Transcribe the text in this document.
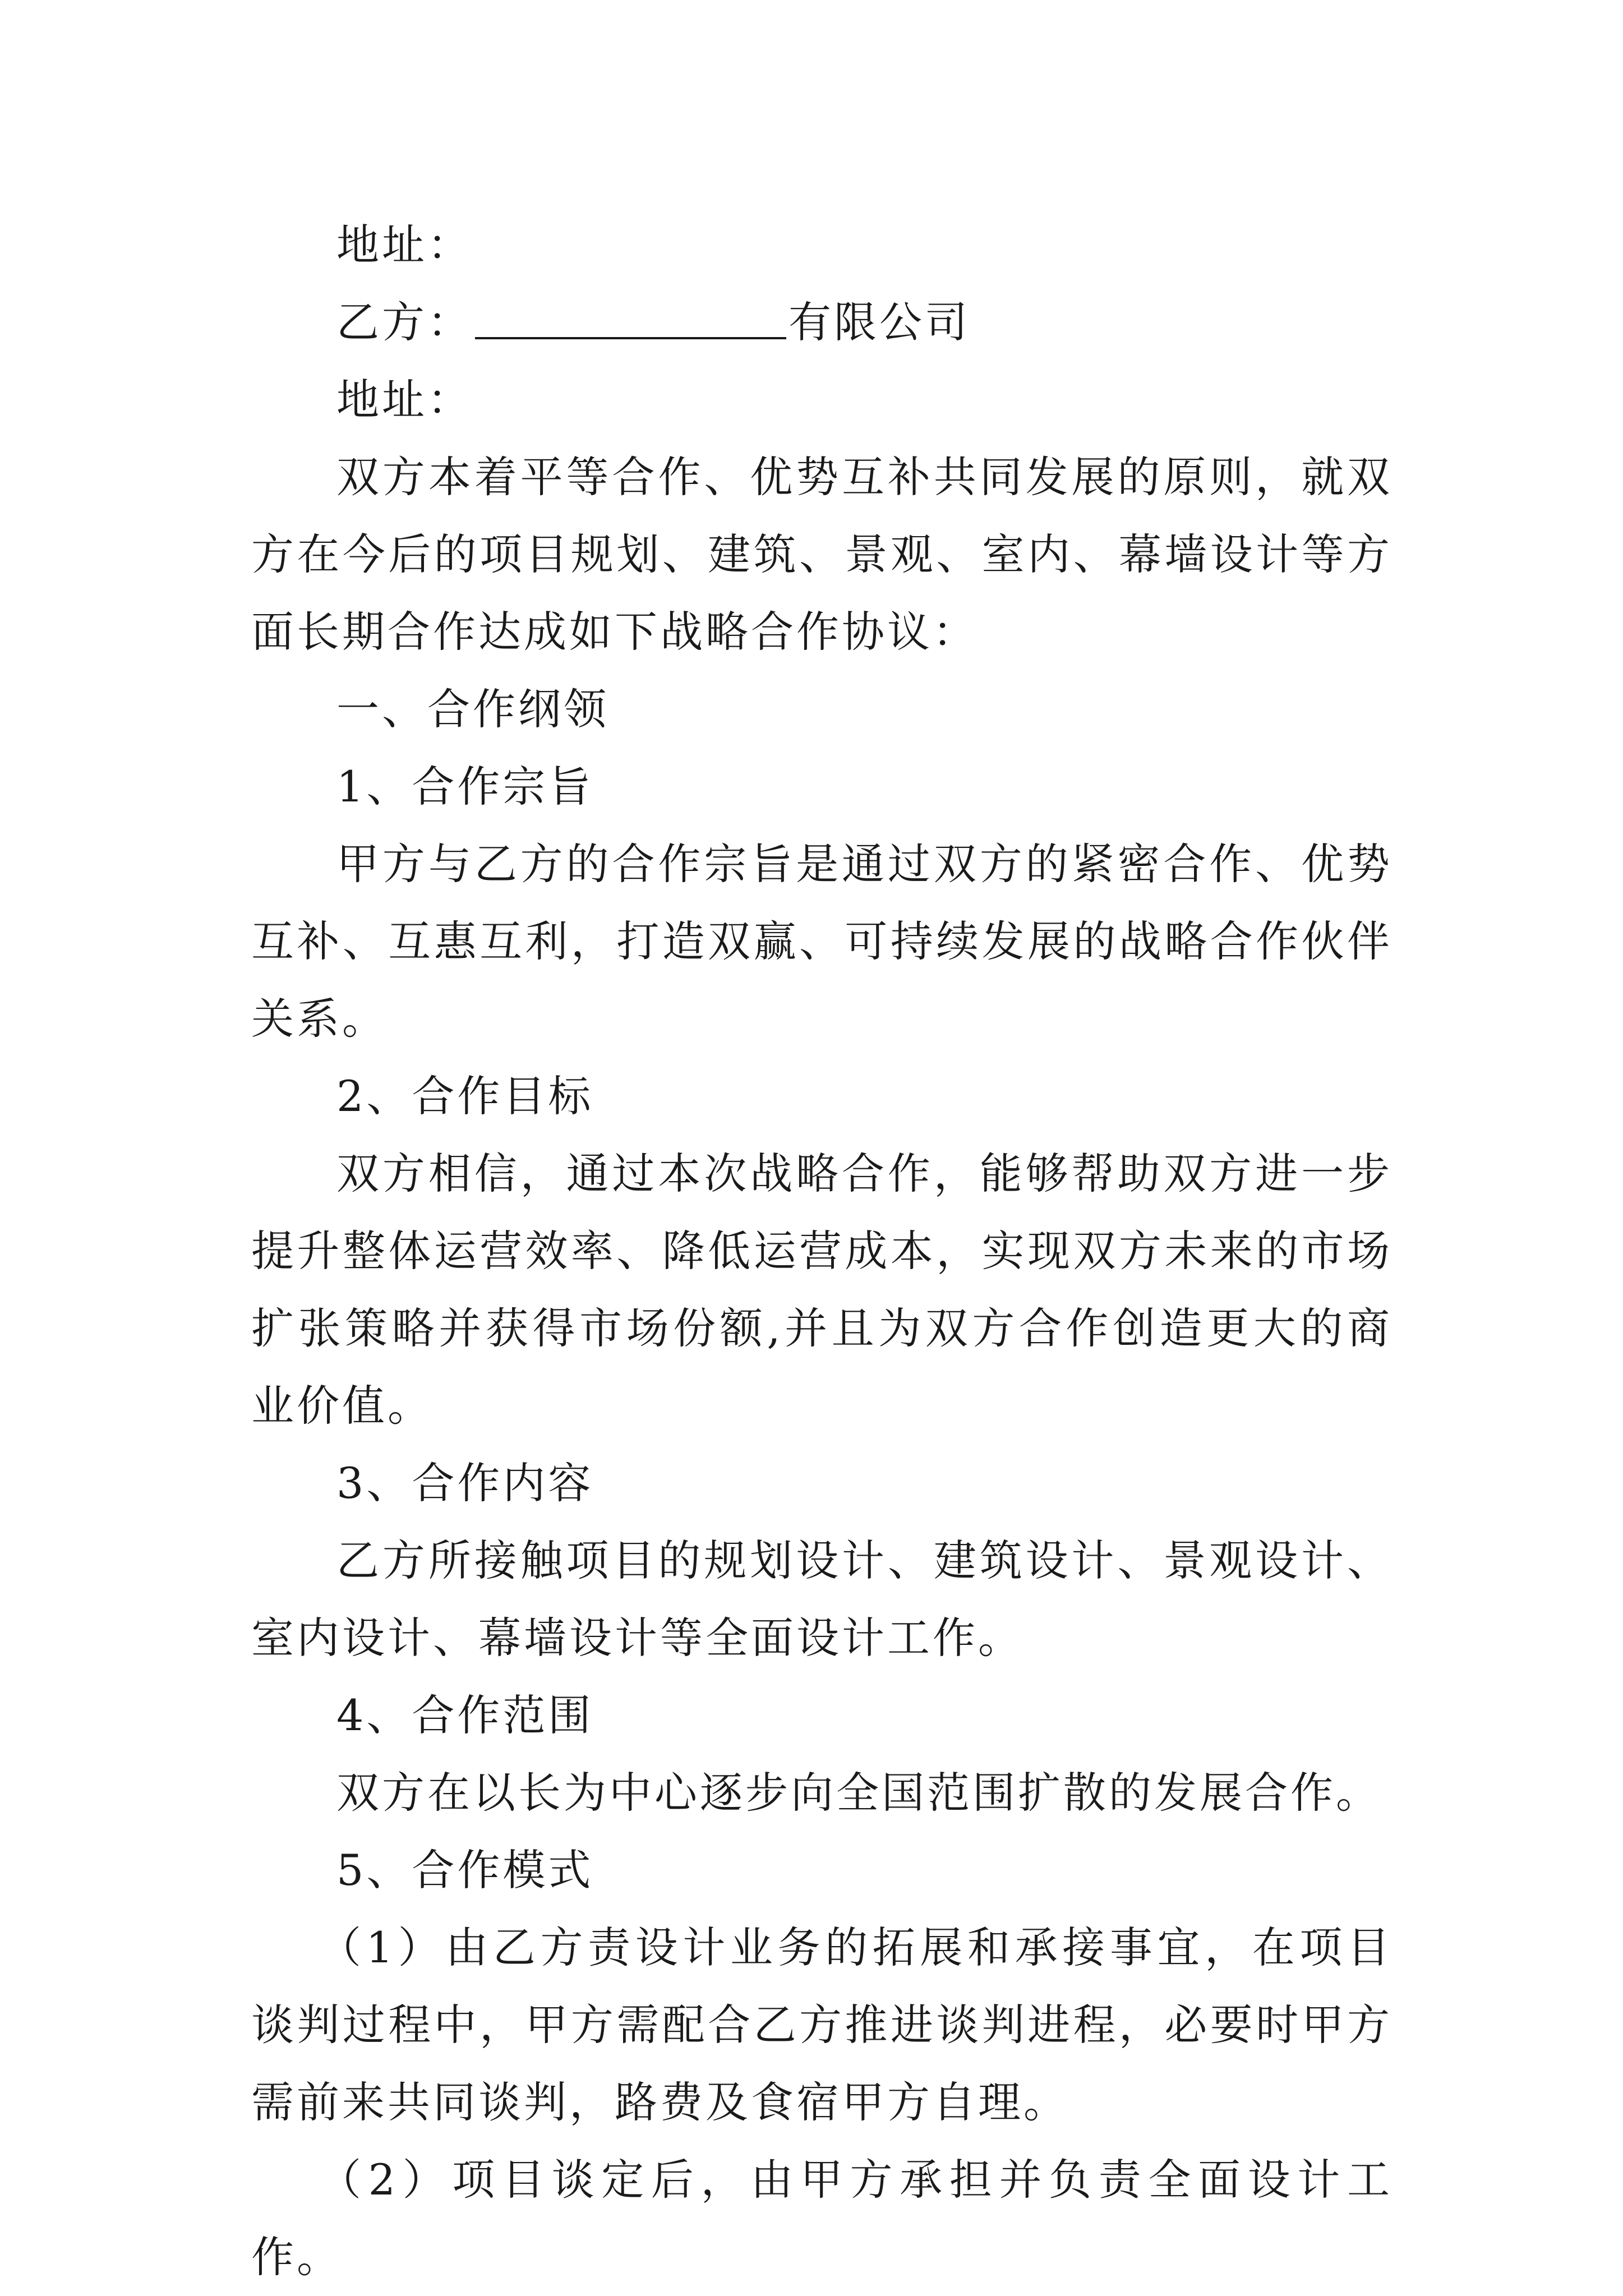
地址：

乙方：	有限公司

地址：

双方本着平等合作、优势互补共同发展的原则，就双方在今后的项目规划、建筑、景观、室内、幕墙设计等方面长期合作达成如下战略合作协议：

一、合作纲领

1、合作宗旨

甲方与乙方的合作宗旨是通过双方的紧密合作、优势互补、互惠互利，打造双赢、可持续发展的战略合作伙伴关系。

2、合作目标

双方相信，通过本次战略合作，能够帮助双方进一步提升整体运营效率、降低运营成本，实现双方未来的市场扩张策略并获得市场份额,并且为双方合作创造更大的商业价值。

3、合作内容

乙方所接触项目的规划设计、建筑设计、景观设计、室内设计、幕墙设计等全面设计工作。

4、合作范围

双方在以长为中心逐步向全国范围扩散的发展合作。

5、合作模式

（1）由乙方责设计业务的拓展和承接事宜，在项目谈判过程中，甲方需配合乙方推进谈判进程，必要时甲方需前来共同谈判，路费及食宿甲方自理。

（2）项目谈定后，由甲方承担并负责全面设计工作。
